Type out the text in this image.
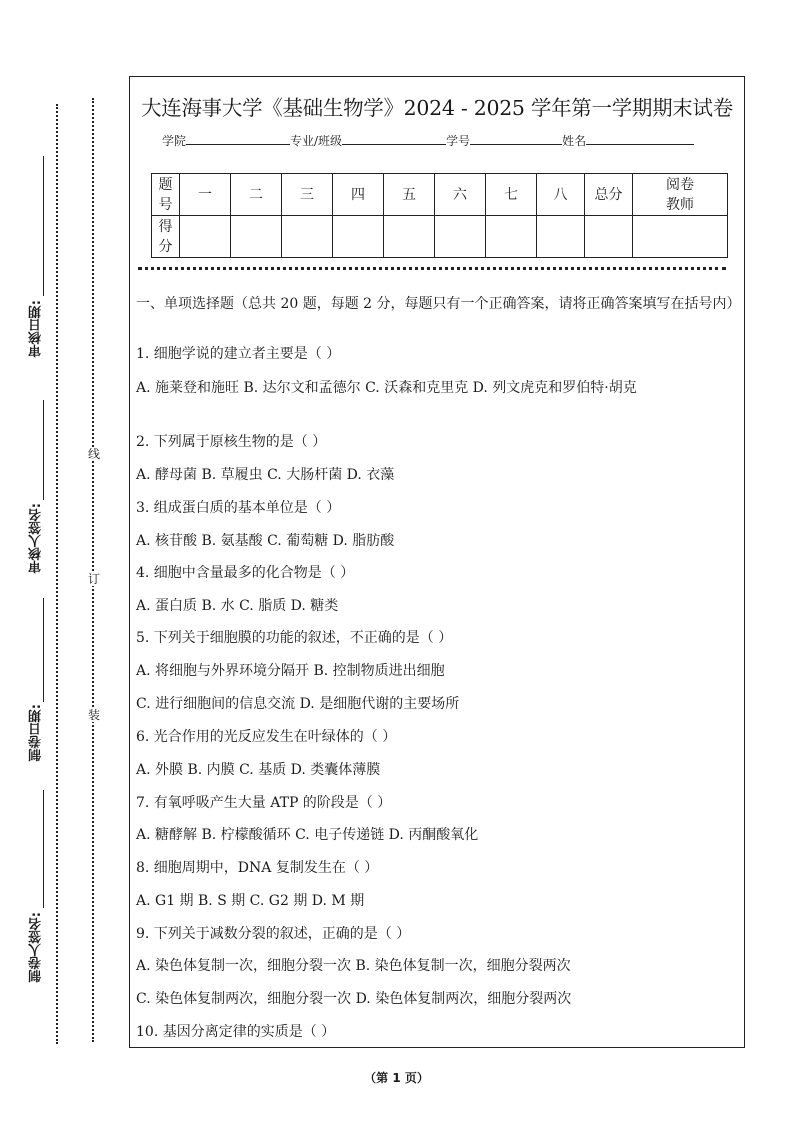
审核日期:
审核人签名:
制卷日期:
制卷人签名:
线
订
装
大连海事大学《基础生物学》2024 - 2025 学年第一学期期末试卷
学院	专业/班级	学号	姓名
题号	一	二	三	四	五	六	七	八	总分	阅卷教师
得分										
一、单项选择题（总共 20 题，每题 2 分，每题只有一个正确答案，请将正确答案填写在括号内）
1. 细胞学说的建立者主要是（ ）
A. 施莱登和施旺 B. 达尔文和孟德尔 C. 沃森和克里克 D. 列文虎克和罗伯特·胡克
2. 下列属于原核生物的是（ ）
A. 酵母菌 B. 草履虫 C. 大肠杆菌 D. 衣藻
3. 组成蛋白质的基本单位是（ ）
A. 核苷酸 B. 氨基酸 C. 葡萄糖 D. 脂肪酸
4. 细胞中含量最多的化合物是（ ）
A. 蛋白质 B. 水 C. 脂质 D. 糖类
5. 下列关于细胞膜的功能的叙述，不正确的是（ ）
A. 将细胞与外界环境分隔开 B. 控制物质进出细胞
C. 进行细胞间的信息交流 D. 是细胞代谢的主要场所
6. 光合作用的光反应发生在叶绿体的（ ）
A. 外膜 B. 内膜 C. 基质 D. 类囊体薄膜
7. 有氧呼吸产生大量 ATP 的阶段是（ ）
A. 糖酵解 B. 柠檬酸循环 C. 电子传递链 D. 丙酮酸氧化
8. 细胞周期中，DNA 复制发生在（ ）
A. G1 期 B. S 期 C. G2 期 D. M 期
9. 下列关于减数分裂的叙述，正确的是（ ）
A. 染色体复制一次，细胞分裂一次 B. 染色体复制一次，细胞分裂两次
C. 染色体复制两次，细胞分裂一次 D. 染色体复制两次，细胞分裂两次
10. 基因分离定律的实质是（ ）
（第 1 页）
